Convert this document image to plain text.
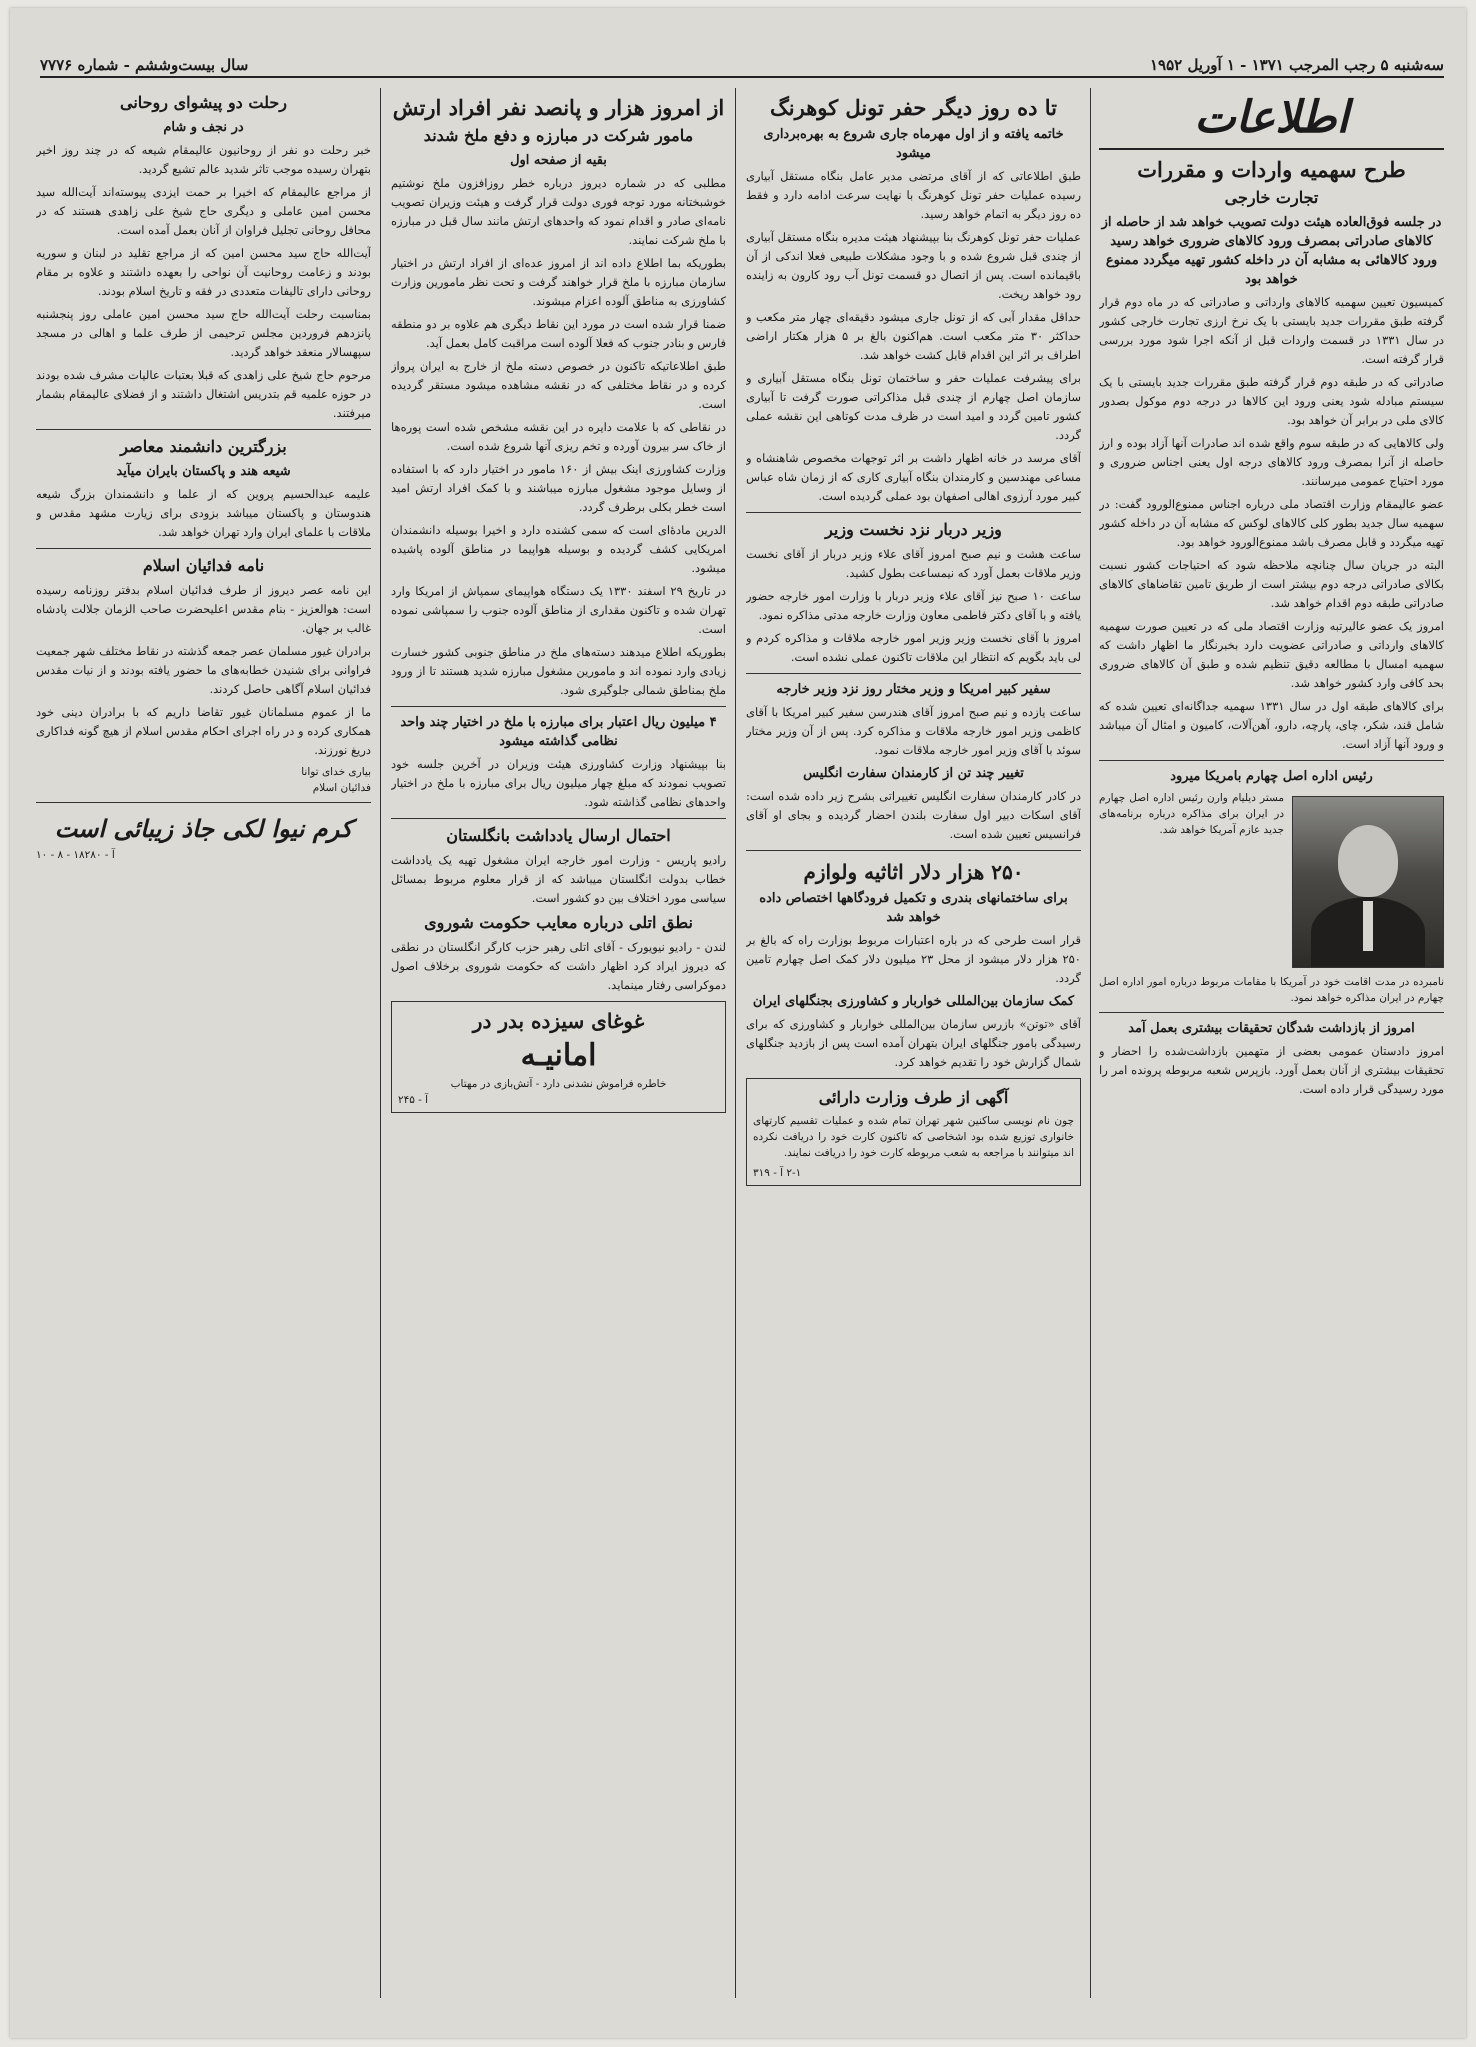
سه‌شنبه ۵ رجب المرجب ۱۳۷۱ - ۱ آوریل ۱۹۵۲
سال بیست‌وششم - شماره ۷۷۷۶
اطلاعات
طرح سهمیه واردات و مقررات
تجارت خارجی
در جلسه فوق‌العاده هیئت دولت تصویب خواهد شد از حاصله از کالاهای صادراتی بمصرف ورود کالاهای ضروری خواهد رسید ورود کالاهائی به مشابه آن در داخله کشور تهیه میگردد ممنوع خواهد بود

کمیسیون تعیین سهمیه کالاهای وارداتی و صادراتی که در ماه دوم قرار گرفته طبق مقررات جدید بایستی با یک نرخ ارزی تجارت خارجی کشور در سال ۱۳۳۱ در قسمت واردات قبل از آنکه اجرا شود مورد بررسی قرار گرفته است.

صادراتی که در طبقه دوم قرار گرفته طبق مقررات جدید بایستی با یک سیستم مبادله شود یعنی ورود این کالاها در درجه دوم موکول بصدور کالای ملی در برابر آن خواهد بود.

ولی کالاهایی که در طبقه سوم واقع شده اند صادرات آنها آزاد بوده و ارز حاصله از آنرا بمصرف ورود کالاهای درجه اول یعنی اجناس ضروری و مورد احتیاج عمومی میرسانند.

عضو عالیمقام وزارت اقتصاد ملی درباره اجناس ممنوع‌الورود گفت: در سهمیه سال جدید بطور کلی کالاهای لوکس که مشابه آن در داخله کشور تهیه میگردد و قابل مصرف باشد ممنوع‌الورود خواهد بود.

البته در جریان سال چنانچه ملاحظه شود که احتیاجات کشور نسبت بکالای صادراتی درجه دوم بیشتر است از طریق تامین تقاضاهای کالاهای صادراتی طبقه دوم اقدام خواهد شد.

امروز یک عضو عالیرتبه وزارت اقتصاد ملی که در تعیین صورت سهمیه کالاهای وارداتی و صادراتی عضویت دارد بخبرنگار ما اظهار داشت که سهمیه امسال با مطالعه دقیق تنظیم شده و طبق آن کالاهای ضروری بحد کافی وارد کشور خواهد شد.

برای کالاهای طبقه اول در سال ۱۳۳۱ سهمیه جداگانه‌ای تعیین شده که شامل قند، شکر، چای، پارچه، دارو، آهن‌آلات، کامیون و امثال آن میباشد و ورود آنها آزاد است.

رئیس اداره اصل چهارم بامریکا میرود
مستر دیلیام وارن رئیس اداره اصل چهارم در ایران برای مذاکره درباره برنامه‌های جدید عازم آمریکا خواهد شد.

نامبرده در مدت اقامت خود در آمریکا با مقامات مربوط درباره امور اداره اصل چهارم در ایران مذاکره خواهد نمود.

امروز از بازداشت شدگان تحقیقات بیشتری بعمل آمد

امروز دادستان عمومی بعضی از متهمین بازداشت‌شده را احضار و تحقیقات بیشتری از آنان بعمل آورد. بازپرس شعبه مربوطه پرونده امر را مورد رسیدگی قرار داده است.

تا ده روز دیگر حفر تونل کوهرنگ
خاتمه یافته و از اول مهرماه جاری شروع به بهره‌برداری میشود

طبق اطلاعاتی که از آقای مرتضی مدیر عامل بنگاه مستقل آبیاری رسیده عملیات حفر تونل کوهرنگ با نهایت سرعت ادامه دارد و فقط ده روز دیگر به اتمام خواهد رسید.

عملیات حفر تونل کوهرنگ بنا بپیشنهاد هیئت مدیره بنگاه مستقل آبیاری از چندی قبل شروع شده و با وجود مشکلات طبیعی فعلا اندکی از آن باقیمانده است. پس از اتصال دو قسمت تونل آب رود کارون به زاینده رود خواهد ریخت.

حداقل مقدار آبی که از تونل جاری میشود دقیقه‌ای چهار متر مکعب و حداکثر ۳۰ متر مکعب است. هم‌اکنون بالغ بر ۵ هزار هکتار اراضی اطراف بر اثر این اقدام قابل کشت خواهد شد.

برای پیشرفت عملیات حفر و ساختمان تونل بنگاه مستقل آبیاری و سازمان اصل چهارم از چندی قبل مذاکراتی صورت گرفت تا آبیاری کشور تامین گردد و امید است در ظرف مدت کوتاهی این نقشه عملی گردد.

آقای مرسد در خانه اظهار داشت بر اثر توجهات مخصوص شاهنشاه و مساعی مهندسین و کارمندان بنگاه آبیاری کاری که از زمان شاه عباس کبیر مورد آرزوی اهالی اصفهان بود عملی گردیده است.

وزیر دربار نزد نخست وزیر

ساعت هشت و نیم صبح امروز آقای علاء وزیر دربار از آقای نخست وزیر ملاقات بعمل آورد که نیمساعت بطول کشید.

ساعت ۱۰ صبح نیز آقای علاء وزیر دربار با وزارت امور خارجه حضور یافته و با آقای دکتر فاطمی معاون وزارت خارجه مدتی مذاکره نمود.

امروز با آقای نخست وزیر وزیر امور خارجه ملاقات و مذاکره کردم و لی باید بگویم که انتظار این ملاقات تاکنون عملی نشده است.

سفیر کبیر امریکا و وزیر مختار روز نزد وزیر خارجه

ساعت یازده و نیم صبح امروز آقای هندرسن سفیر کبیر امریکا با آقای کاظمی وزیر امور خارجه ملاقات و مذاکره کرد. پس از آن وزیر مختار سوئد با آقای وزیر امور خارجه ملاقات نمود.

تغییر چند تن از کارمندان سفارت انگلیس

در کادر کارمندان سفارت انگلیس تغییراتی بشرح زیر داده شده است: آقای اسکات دبیر اول سفارت بلندن احضار گردیده و بجای او آقای فرانسیس تعیین شده است.

۲۵۰ هزار دلار اثاثیه ولوازم
برای ساختمانهای بندری و تکمیل فرودگاهها اختصاص داده خواهد شد

قرار است طرحی که در باره اعتبارات مربوط بوزارت راه که بالغ بر ۲۵۰ هزار دلار میشود از محل ۲۳ میلیون دلار کمک اصل چهارم تامین گردد.

کمک سازمان بین‌المللی خواربار و کشاورزی بجنگلهای ایران

آقای «توتن» بازرس سازمان بین‌المللی خواربار و کشاورزی که برای رسیدگی بامور جنگلهای ایران بتهران آمده است پس از بازدید جنگلهای شمال گزارش خود را تقدیم خواهد کرد.

آگهی از طرف وزارت دارائی

چون نام نویسی ساکنین شهر تهران تمام شده و عملیات تقسیم کارتهای خانواری توزیع شده بود اشخاصی که تاکنون کارت خود را دریافت نکرده اند میتوانند با مراجعه به شعب مربوطه کارت خود را دریافت نمایند.

۲-۱ آ - ۳۱۹
از امروز هزار و پانصد نفر افراد ارتش
مامور شرکت در مبارزه و دفع ملخ شدند
بقیه از صفحه اول

مطلبی که در شماره دیروز درباره خطر روزافزون ملخ نوشتیم خوشبختانه مورد توجه فوری دولت قرار گرفت و هیئت وزیران تصویب نامه‌ای صادر و اقدام نمود که واحدهای ارتش مانند سال قبل در مبارزه با ملخ شرکت نمایند.

بطوریکه بما اطلاع داده اند از امروز عده‌ای از افراد ارتش در اختیار سازمان مبارزه با ملخ قرار خواهند گرفت و تحت نظر مامورین وزارت کشاورزی به مناطق آلوده اعزام میشوند.

ضمنا قرار شده است در مورد این نقاط دیگری هم علاوه بر دو منطقه فارس و بنادر جنوب که فعلا آلوده است مراقبت کامل بعمل آید.

طبق اطلاعاتیکه تاکنون در خصوص دسته ملخ از خارج به ایران پرواز کرده و در نقاط مختلفی که در نقشه مشاهده میشود مستقر گردیده است.

در نقاطی که با علامت دایره در این نقشه مشخص شده است پوره‌ها از خاک سر بیرون آورده و تخم ریزی آنها شروع شده است.

وزارت کشاورزی اینک بیش از ۱۶۰ مامور در اختیار دارد که با استفاده از وسایل موجود مشغول مبارزه میباشند و با کمک افراد ارتش امید است خطر بکلی برطرف گردد.

الدرین مادهٔ‌ای است که سمی کشنده دارد و اخیرا بوسیله دانشمندان امریکایی کشف گردیده و بوسیله هواپیما در مناطق آلوده پاشیده میشود.

در تاریخ ۲۹ اسفند ۱۳۳۰ یک دستگاه هواپیمای سمپاش از امریکا وارد تهران شده و تاکنون مقداری از مناطق آلوده جنوب را سمپاشی نموده است.

بطوریکه اطلاع میدهند دسته‌های ملخ در مناطق جنوبی کشور خسارت زیادی وارد نموده اند و مامورین مشغول مبارزه شدید هستند تا از ورود ملخ بمناطق شمالی جلوگیری شود.

۴ میلیون ریال اعتبار برای مبارزه با ملخ در اختیار چند واحد نظامی گذاشته میشود

بنا بپیشنهاد وزارت کشاورزی هیئت وزیران در آخرین جلسه خود تصویب نمودند که مبلغ چهار میلیون ریال برای مبارزه با ملخ در اختیار واحدهای نظامی گذاشته شود.

احتمال ارسال یادداشت بانگلستان

رادیو پاریس - وزارت امور خارجه ایران مشغول تهیه یک یادداشت خطاب بدولت انگلستان میباشد که از قرار معلوم مربوط بمسائل سیاسی مورد اختلاف بین دو کشور است.

نطق اتلی درباره معایب حکومت شوروی

لندن - رادیو نیویورک - آقای اتلی رهبر حزب کارگر انگلستان در نطقی که دیروز ایراد کرد اظهار داشت که حکومت شوروی برخلاف اصول دموکراسی رفتار مینماید.

غوغای سیزده بدر در
امانیـه
خاطره فراموش نشدنی دارد - آتش‌بازی در مهتاب
آ - ۲۴۵
رحلت دو پیشوای روحانی
در نجف و شام

خبر رحلت دو نفر از روحانیون عالیمقام شیعه که در چند روز اخیر بتهران رسیده موجب تاثر شدید عالم تشیع گردید.

از مراجع عالیمقام که اخیرا بر حمت ایزدی پیوسته‌اند آیت‌الله سید محسن امین عاملی و دیگری حاج شیخ علی زاهدی هستند که در محافل روحانی تجلیل فراوان از آنان بعمل آمده است.

آیت‌الله حاج سید محسن امین که از مراجع تقلید در لبنان و سوریه بودند و زعامت روحانیت آن نواحی را بعهده داشتند و علاوه بر مقام روحانی دارای تالیفات متعددی در فقه و تاریخ اسلام بودند.

بمناسبت رحلت آیت‌الله حاج سید محسن امین عاملی روز پنجشنبه پانزدهم فروردین مجلس ترحیمی از طرف علما و اهالی در مسجد سپهسالار منعقد خواهد گردید.

مرحوم حاج شیخ علی زاهدی که قبلا بعتبات عالیات مشرف شده بودند در حوزه علمیه قم بتدریس اشتغال داشتند و از فضلای عالیمقام بشمار میرفتند.

بزرگترین دانشمند معاصر
شیعه هند و پاکستان بایران میآید

علیمه عبدالحسیم پروین که از علما و دانشمندان بزرگ شیعه هندوستان و پاکستان میباشد بزودی برای زیارت مشهد مقدس و ملاقات با علمای ایران وارد تهران خواهد شد.

نامه فدائیان اسلام

این نامه عصر دیروز از طرف فدائیان اسلام بدفتر روزنامه رسیده است: هوالعزیز - بنام مقدس اعلیحضرت صاحب الزمان جلالت پادشاه غالب بر جهان.

برادران غیور مسلمان عصر جمعه گذشته در نقاط مختلف شهر جمعیت فراوانی برای شنیدن خطابه‌های ما حضور یافته بودند و از نیات مقدس فدائیان اسلام آگاهی حاصل کردند.

ما از عموم مسلمانان غیور تقاضا داریم که با برادران دینی خود همکاری کرده و در راه اجرای احکام مقدس اسلام از هیچ گونه فداکاری دریغ نورزند.

بیاری خدای توانا
فدائیان اسلام
کرم نیوا لکی جاذ زیبائی است
آ - ۱۸۲۸۰ - ۸ - ۱۰
